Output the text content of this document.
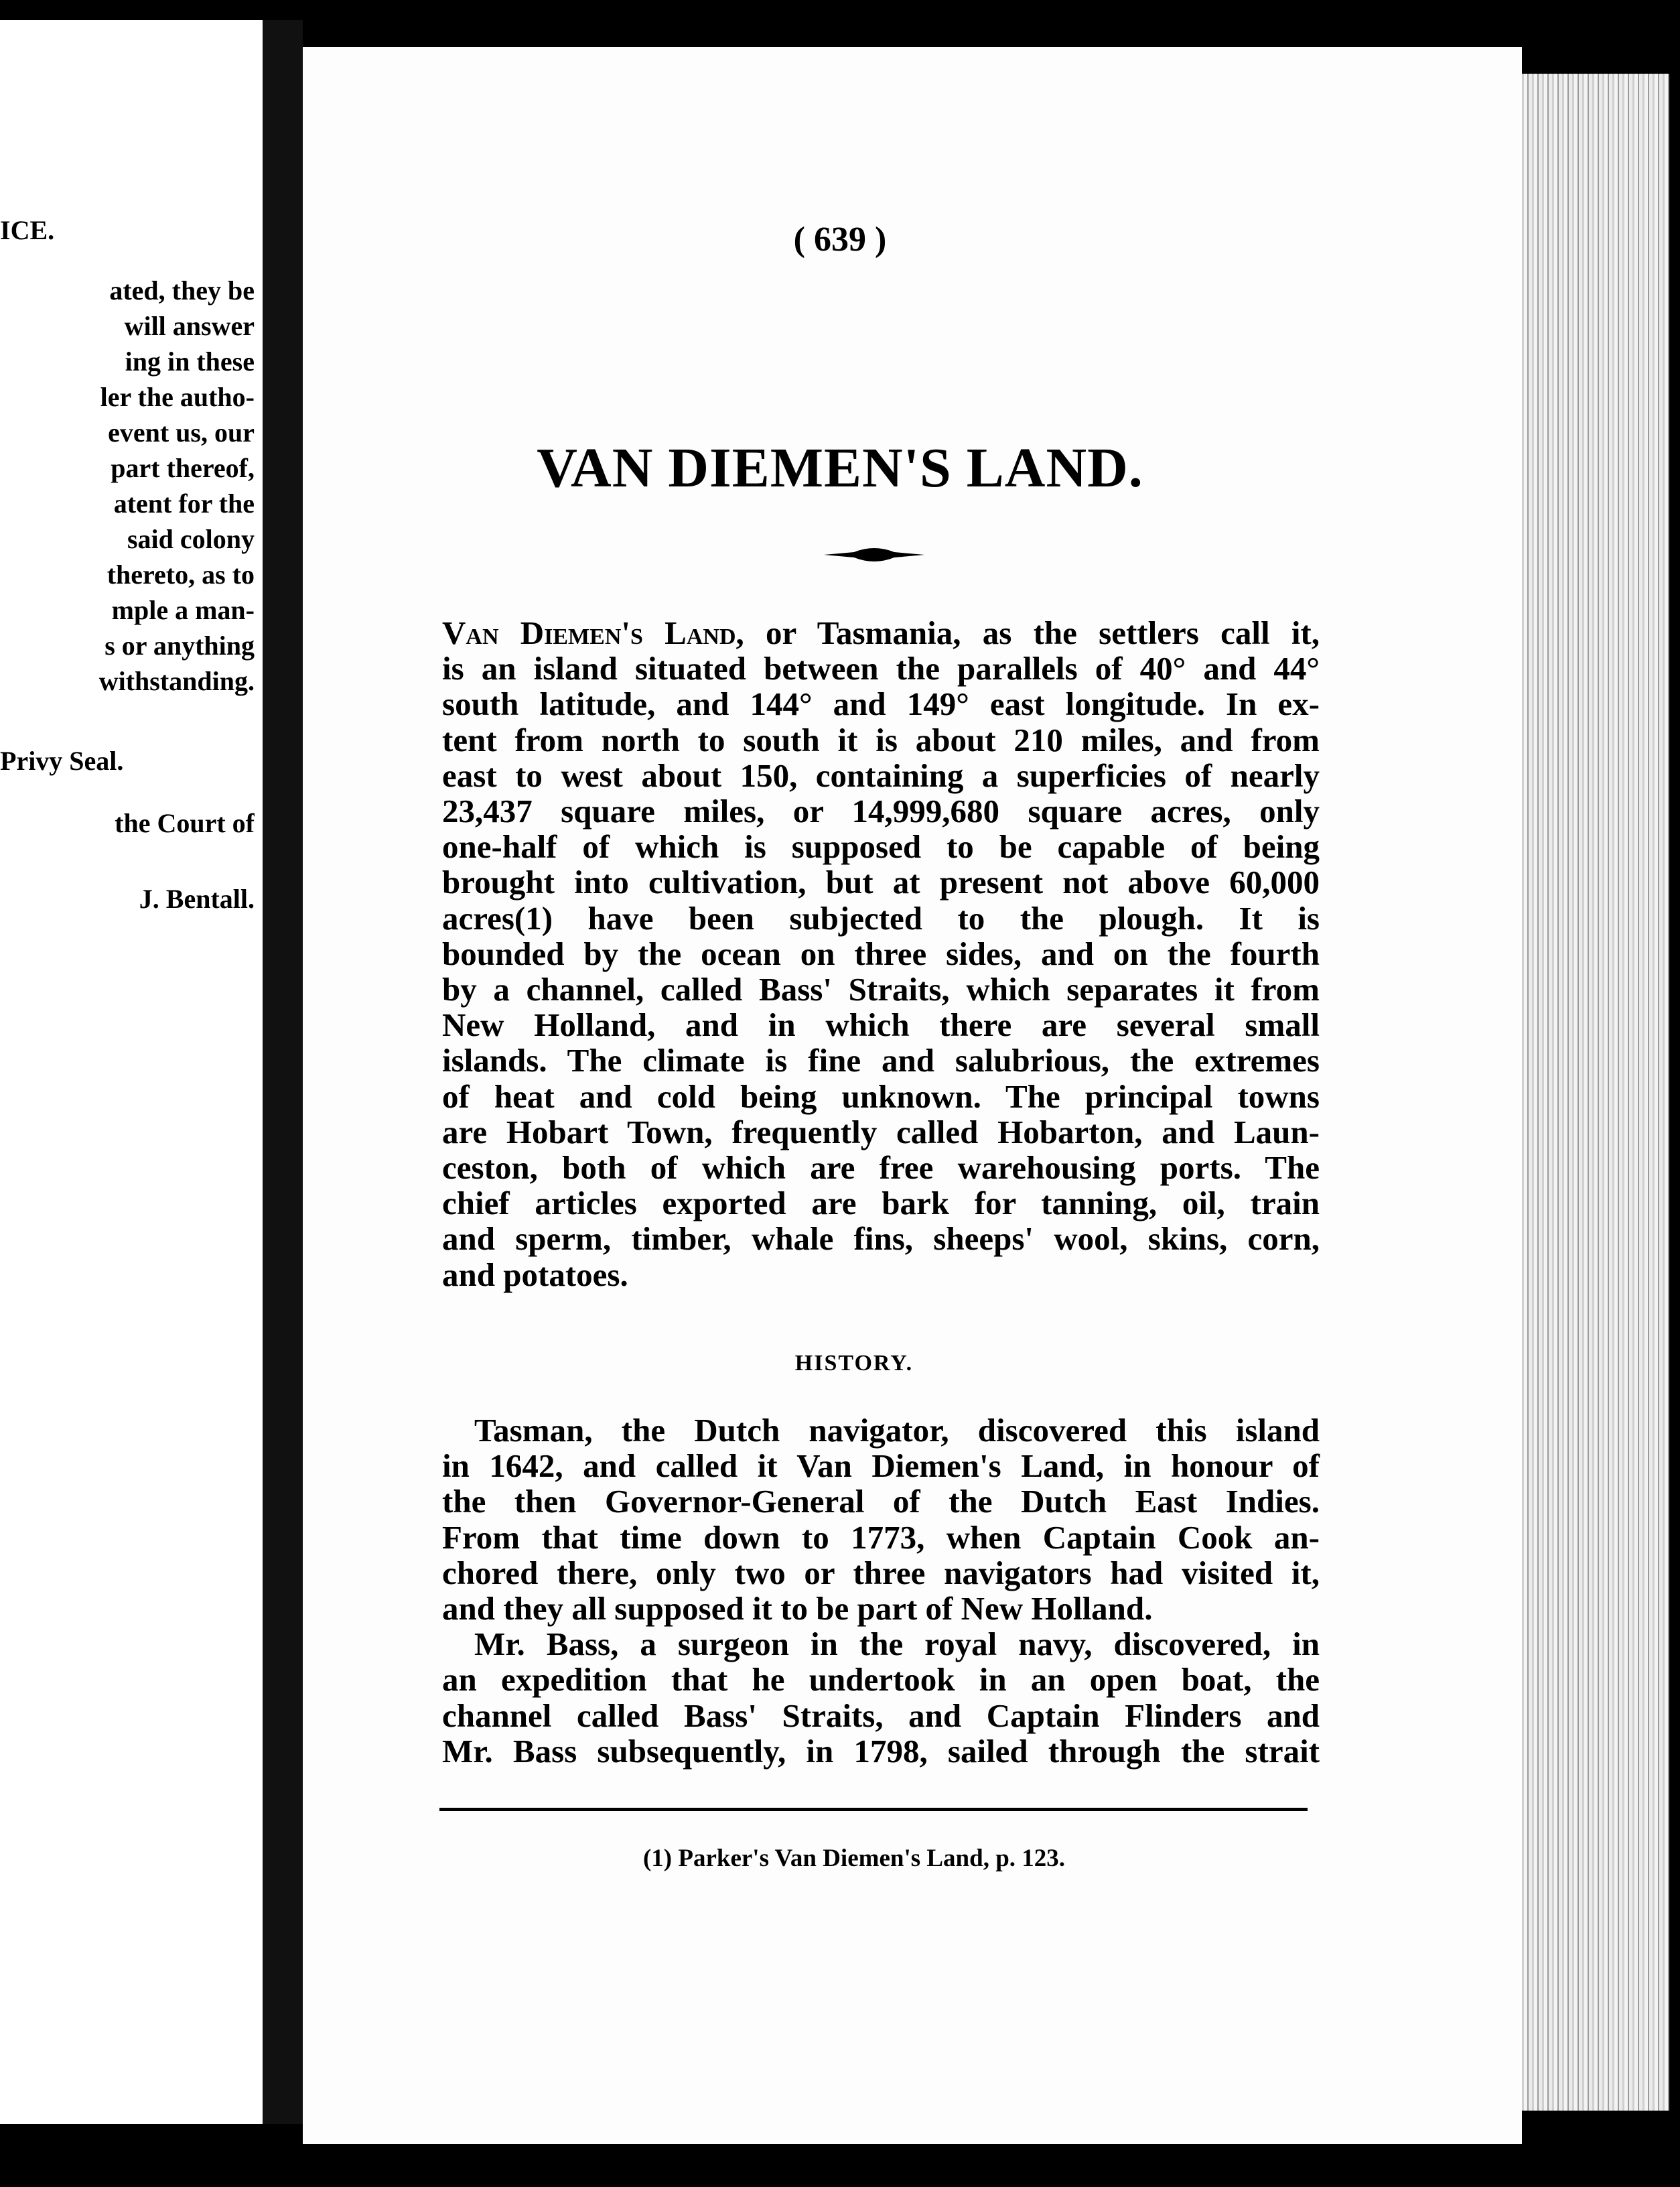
ICE.
ated, they be
will answer
ing in these
ler the autho-
event us, our
part thereof,
atent for the
said colony
thereto, as to
mple a man-
s or anything
withstanding.
Privy Seal.
the Court of
J. Bentall.
( 639 )
VAN DIEMEN'S LAND.
Van Diemen's Land, or Tasmania, as the settlers call it,
is an island situated between the parallels of 40° and 44°
south latitude, and 144° and 149° east longitude. In ex-
tent from north to south it is about 210 miles, and from
east to west about 150, containing a superficies of nearly
23,437 square miles, or 14,999,680 square acres, only
one-half of which is supposed to be capable of being
brought into cultivation, but at present not above 60,000
acres(1) have been subjected to the plough. It is
bounded by the ocean on three sides, and on the fourth
by a channel, called Bass' Straits, which separates it from
New Holland, and in which there are several small
islands. The climate is fine and salubrious, the extremes
of heat and cold being unknown. The principal towns
are Hobart Town, frequently called Hobarton, and Laun-
ceston, both of which are free warehousing ports. The
chief articles exported are bark for tanning, oil, train
and sperm, timber, whale fins, sheeps' wool, skins, corn,
and potatoes.
HISTORY.
Tasman, the Dutch navigator, discovered this island
in 1642, and called it Van Diemen's Land, in honour of
the then Governor-General of the Dutch East Indies.
From that time down to 1773, when Captain Cook an-
chored there, only two or three navigators had visited it,
and they all supposed it to be part of New Holland.
Mr. Bass, a surgeon in the royal navy, discovered, in
an expedition that he undertook in an open boat, the
channel called Bass' Straits, and Captain Flinders and
Mr. Bass subsequently, in 1798, sailed through the strait
(1) Parker's Van Diemen's Land, p. 123.
